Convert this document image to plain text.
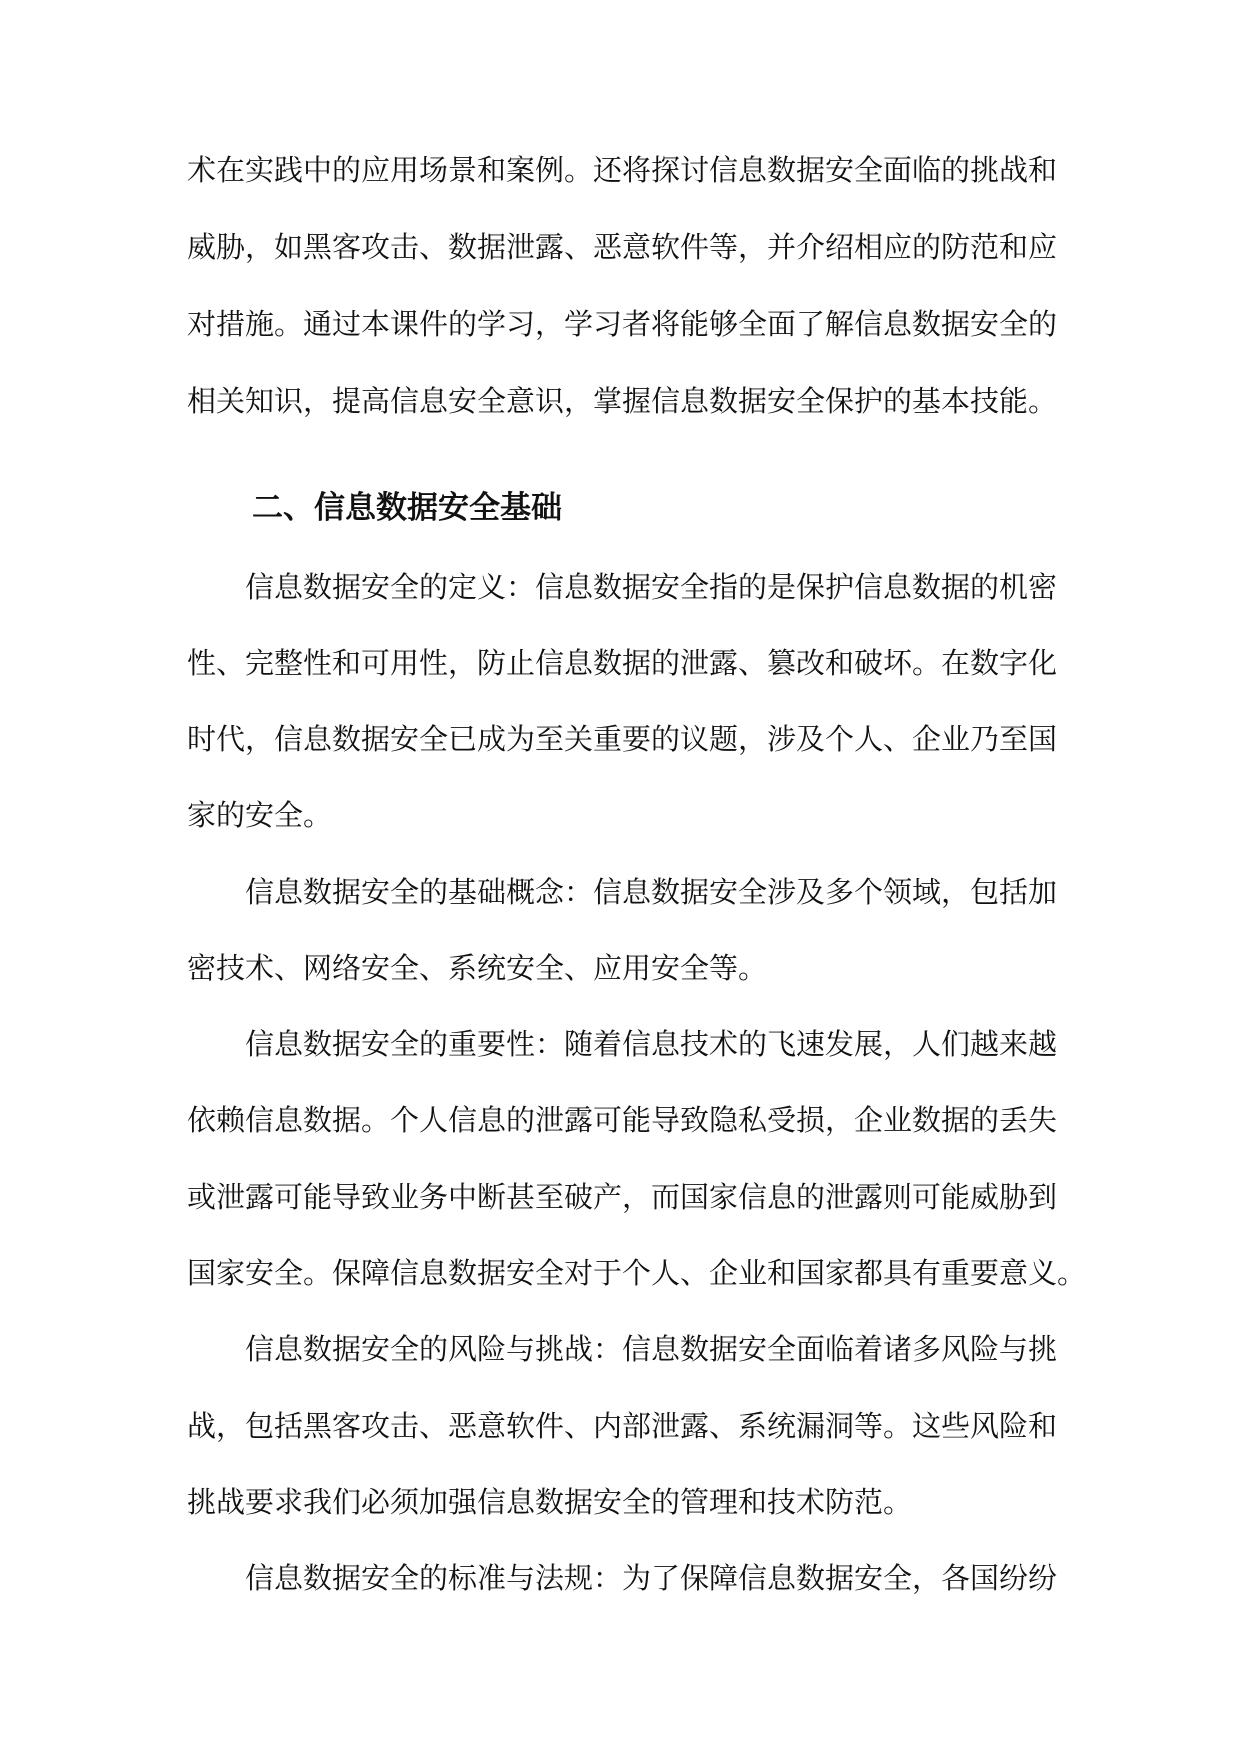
术在实践中的应用场景和案例。还将探讨信息数据安全面临的挑战和
威胁，如黑客攻击、数据泄露、恶意软件等，并介绍相应的防范和应
对措施。通过本课件的学习，学习者将能够全面了解信息数据安全的
相关知识，提高信息安全意识，掌握信息数据安全保护的基本技能。
二、信息数据安全基础
信息数据安全的定义：信息数据安全指的是保护信息数据的机密
性、完整性和可用性，防止信息数据的泄露、篡改和破坏。在数字化
时代，信息数据安全已成为至关重要的议题，涉及个人、企业乃至国
家的安全。
信息数据安全的基础概念：信息数据安全涉及多个领域，包括加
密技术、网络安全、系统安全、应用安全等。
信息数据安全的重要性：随着信息技术的飞速发展，人们越来越
依赖信息数据。个人信息的泄露可能导致隐私受损，企业数据的丢失
或泄露可能导致业务中断甚至破产，而国家信息的泄露则可能威胁到
国家安全。保障信息数据安全对于个人、企业和国家都具有重要意义。
信息数据安全的风险与挑战：信息数据安全面临着诸多风险与挑
战，包括黑客攻击、恶意软件、内部泄露、系统漏洞等。这些风险和
挑战要求我们必须加强信息数据安全的管理和技术防范。
信息数据安全的标准与法规：为了保障信息数据安全，各国纷纷
